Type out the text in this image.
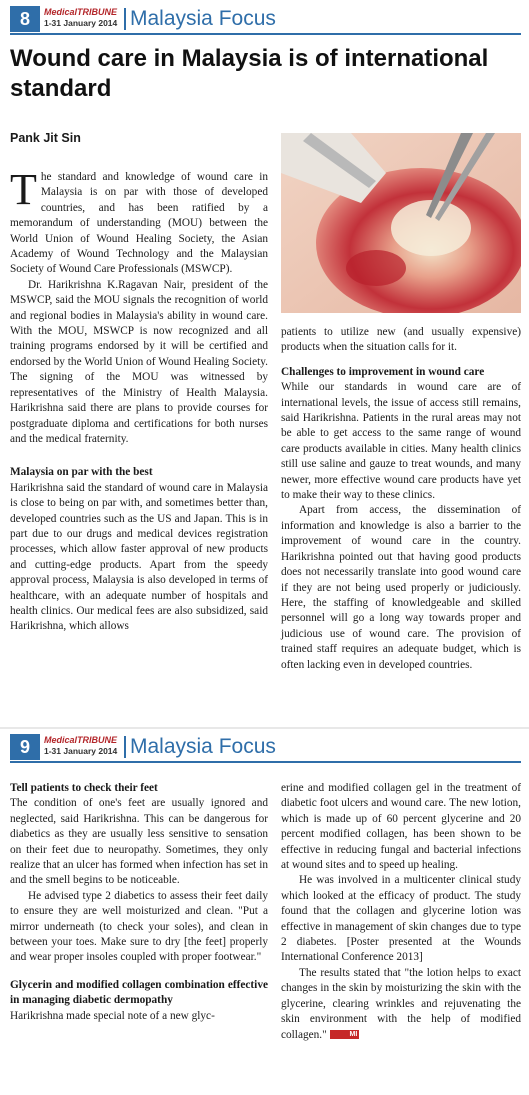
8	MedicalTRIBUNE
1-31 January 2014 Malaysia Focus
Wound care in Malaysia is of international standard
Pank Jit Sin

The standard and knowledge of wound care in Malaysia is on par with those of developed countries, and has been ratified by a memorandum of understanding (MOU) between the World Union of Wound Healing Society, the Asian Academy of Wound Technology and the Malaysian Society of Wound Care Professionals (MSWCP).

Dr. Harikrishna K.Ragavan Nair, president of the MSWCP, said the MOU signals the recognition of world and regional bodies in Malaysia's ability in wound care. With the MOU, MSWCP is now recognized and all training programs endorsed by it will be certified and endorsed by the World Union of Wound Healing Society. The signing of the MOU was witnessed by representatives of the Ministry of Health Malaysia. Harikrishna said there are plans to provide courses for postgraduate diploma and certifications for both nurses and the medical fraternity.

Malaysia on par with the best

Harikrishna said the standard of wound care in Malaysia is close to being on par with, and sometimes better than, developed countries such as the US and Japan. This is in part due to our drugs and medical devices registration processes, which allow faster approval of new products and cutting-edge products. Apart from the speedy approval process, Malaysia is also developed in terms of healthcare, with an adequate number of hospitals and health clinics. Our medical fees are also subsidized, said Harikrishna, which allows

patients to utilize new (and usually expensive) products when the situation calls for it.

Challenges to improvement in wound care

While our standards in wound care are of international levels, the issue of access still remains, said Harikrishna. Patients in the rural areas may not be able to get access to the same range of wound care products available in cities. Many health clinics still use saline and gauze to treat wounds, and many newer, more effective wound care products have yet to make their way to these clinics.

Apart from access, the dissemination of information and knowledge is also a barrier to the improvement of wound care in the country. Harikrishna pointed out that having good products does not necessarily translate into good wound care if they are not being used properly or judiciously. Here, the staffing of knowledgeable and skilled personnel will go a long way towards proper and judicious use of wound care. The provision of trained staff requires an adequate budget, which is often lacking even in developed countries.

9	MedicalTRIBUNE
1-31 January 2014 Malaysia Focus
Tell patients to check their feet

The condition of one's feet are usually ignored and neglected, said Harikrishna. This can be dangerous for diabetics as they are usually less sensitive to sensation on their feet due to neuropathy. Sometimes, they only realize that an ulcer has formed when infection has set in and the smell begins to be noticeable.

He advised type 2 diabetics to assess their feet daily to ensure they are well moisturized and clean. "Put a mirror underneath (to check your soles), and clean in between your toes. Make sure to dry [the feet] properly and wear proper insoles coupled with proper footwear."

Glycerin and modified collagen combination effective in managing diabetic dermopathy

Harikrishna made special note of a new glyc-

erine and modified collagen gel in the treatment of diabetic foot ulcers and wound care. The new lotion, which is made up of 60 percent glycerine and 20 percent modified collagen, has been shown to be effective in reducing fungal and bacterial infections at wound sites and to speed up healing.

He was involved in a multicenter clinical study which looked at the efficacy of product. The study found that the collagen and glycerine lotion was effective in management of skin changes due to type 2 diabetes. [Poster presented at the Wounds International Conference 2013]

The results stated that "the lotion helps to exact changes in the skin by moisturizing the skin with the glycerine, clearing wrinkles and rejuvenating the skin environment with the help of modified collagen."	MI
